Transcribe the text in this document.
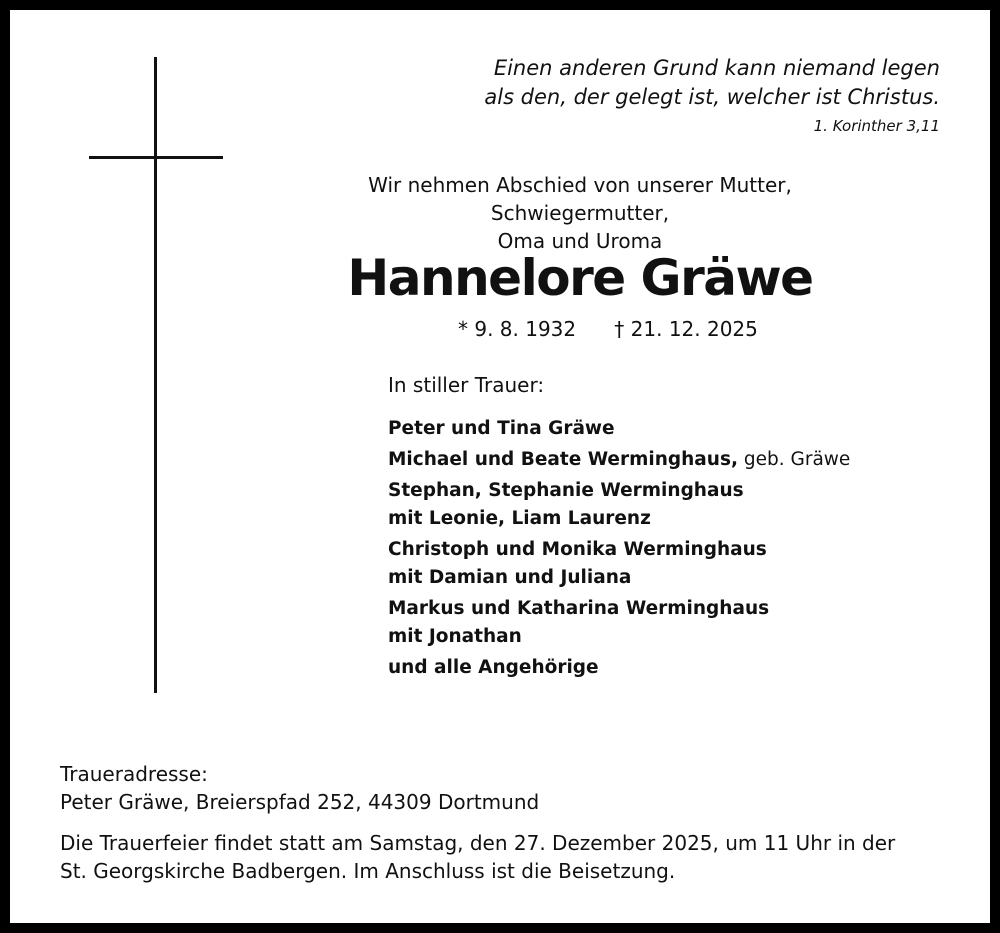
Einen anderen Grund kann niemand legen
als den, der gelegt ist, welcher ist Christus.
1. Korinther 3,11
Wir nehmen Abschied von unserer Mutter, Schwiegermutter,
Oma und Uroma
Hannelore Gräwe
* 9. 8. 1932 † 21. 12. 2025
In stiller Trauer:
Peter und Tina Gräwe
Michael und Beate Werminghaus, geb. Gräwe
Stephan, Stephanie Werminghaus
mit Leonie, Liam Laurenz
Christoph und Monika Werminghaus
mit Damian und Juliana
Markus und Katharina Werminghaus
mit Jonathan
und alle Angehörige
Traueradresse:
Peter Gräwe, Breierspfad 252, 44309 Dortmund
Die Trauerfeier findet statt am Samstag, den 27. Dezember 2025, um 11 Uhr in der
St. Georgskirche Badbergen. Im Anschluss ist die Beisetzung.
